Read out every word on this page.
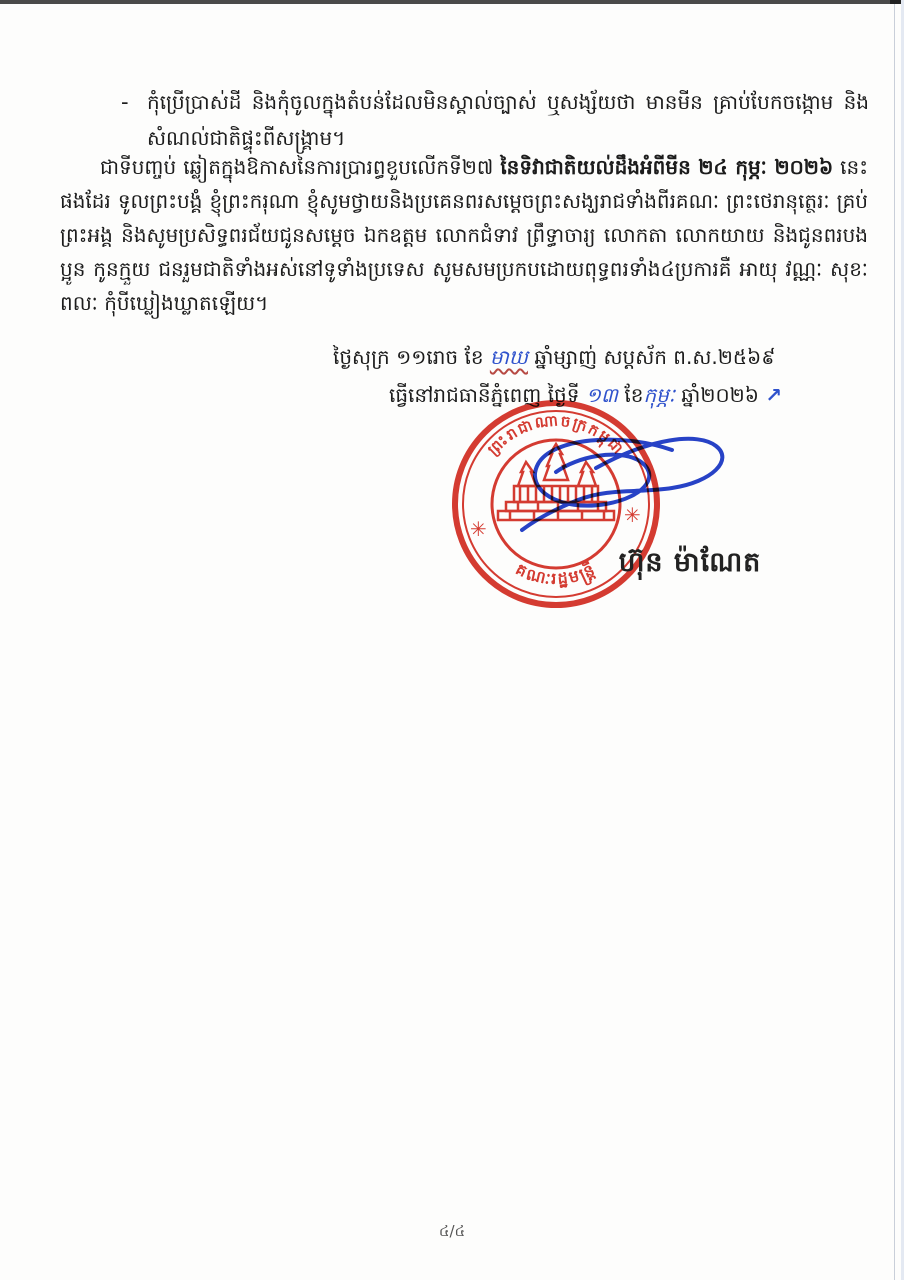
- កុំប្រើប្រាស់ដី និងកុំចូលក្នុងតំបន់ដែលមិនស្គាល់ច្បាស់ ឬសង្ស័យថា មានមីន គ្រាប់បែកចង្កោម និងសំណល់ជាតិផ្ទុះពីសង្គ្រាម។
ជាទីបញ្ចប់ ឆ្លៀតក្នុងឱកាសនៃការប្រារព្ធខួបលើកទី២៧ នៃទិវាជាតិយល់ដឹងអំពីមីន ២៤ កុម្ភៈ ២០២៦ នេះផងដែរ ទូលព្រះបង្គំ ខ្ញុំព្រះករុណា ខ្ញុំសូមថ្វាយនិងប្រគេនពរសម្ដេចព្រះសង្ឃរាជទាំងពីរគណៈ ព្រះថេរានុត្ថេរៈ គ្រប់ព្រះអង្គ និងសូមប្រសិទ្ធពរជ័យជូនសម្ដេច ឯកឧត្តម លោកជំទាវ ព្រឹទ្ធាចារ្យ លោកតា លោកយាយ និងជូនពរបងប្អូន កូនក្មួយ ជនរួមជាតិទាំងអស់នៅទូទាំងប្រទេស សូមសមប្រកបដោយពុទ្ធពរទាំង៤ប្រការគឺ អាយុ វណ្ណៈ សុខៈ ពលៈ កុំបីឃ្លៀងឃ្លាតឡើយ។
ថ្ងៃសុក្រ ១១រោច ខែ មាឃ ឆ្នាំម្សាញ់ សប្តស័ក ព.ស.២៥៦៩
ធ្វើនៅរាជធានីភ្នំពេញ ថ្ងៃទី ១៣ ខែកុម្ភៈ ឆ្នាំ២០២៦ ↗
ព្រះរាជាណាចក្រកម្ពុជា
គណៈរដ្ឋមន្ត្រី
✳
✳
ហ៊ុន ម៉ាណែត
៤/៤
